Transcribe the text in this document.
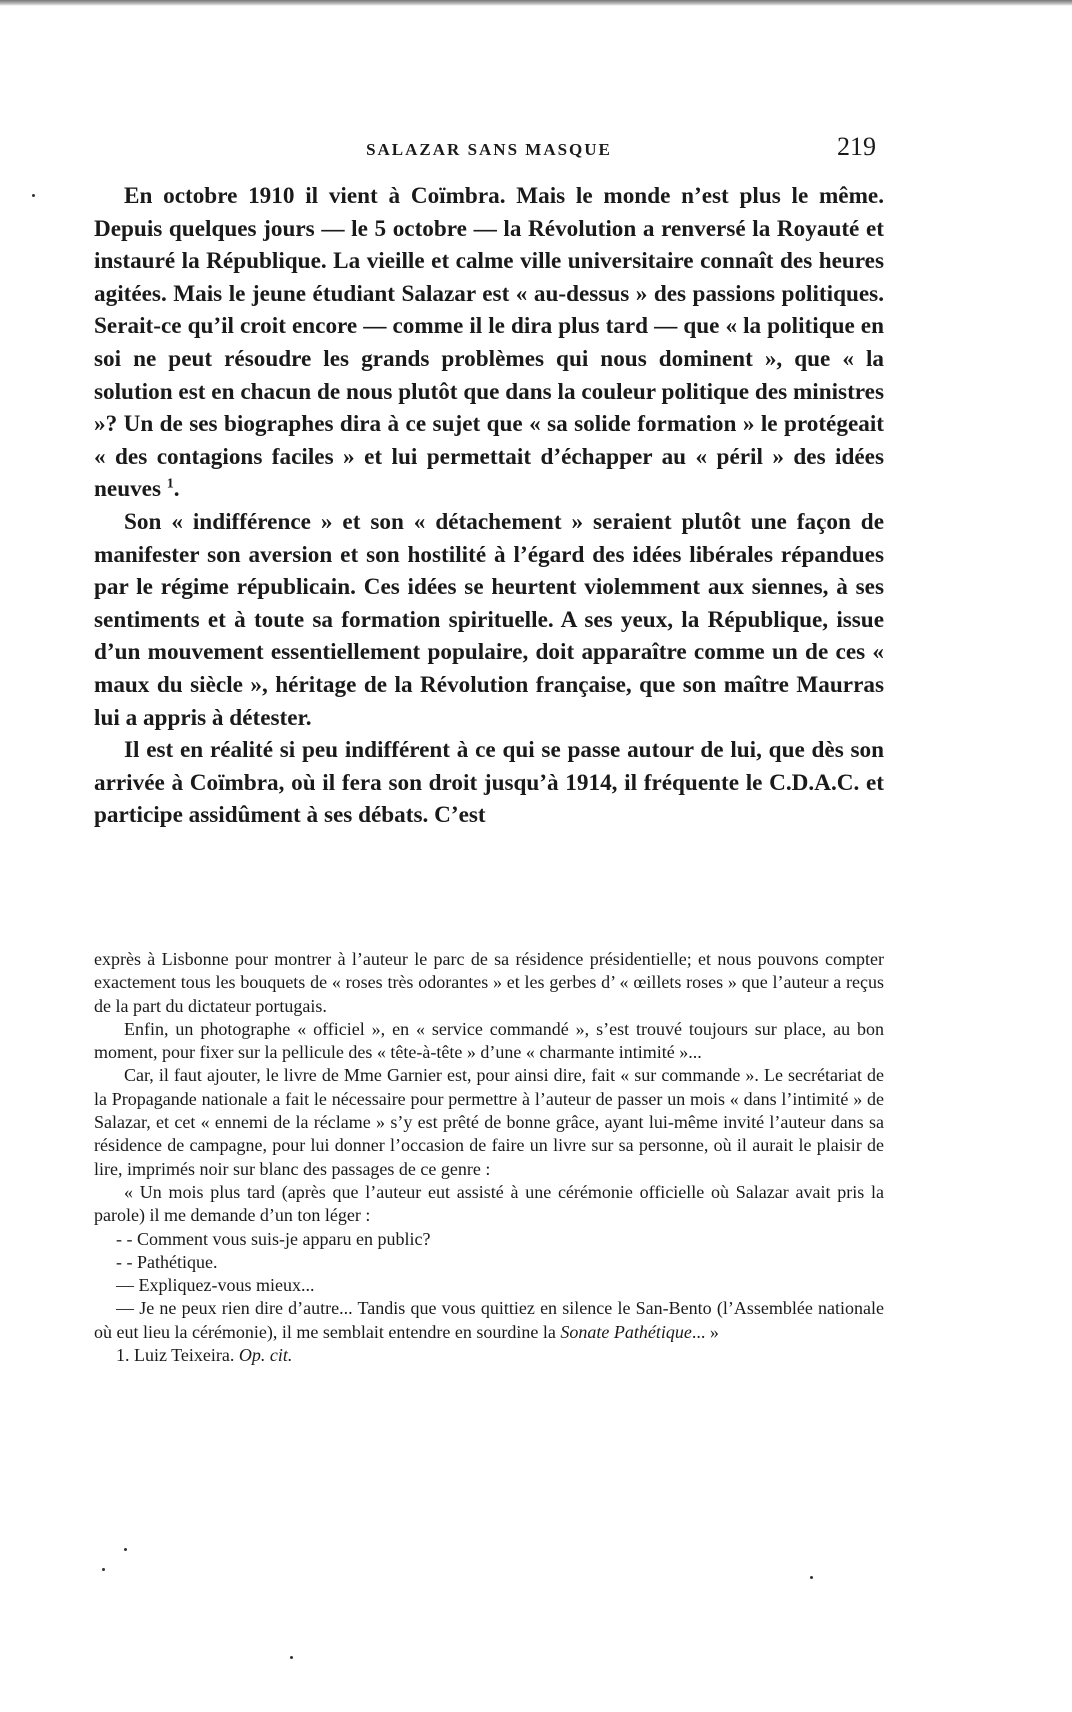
SALAZAR SANS MASQUE	219

En octobre 1910 il vient à Coïmbra. Mais le monde n’est plus le même. Depuis quelques jours — le 5 octobre — la Révolution a renversé la Royauté et instauré la République. La vieille et calme ville universitaire connaît des heures agitées. Mais le jeune étudiant Salazar est « au-dessus » des passions politiques. Serait-ce qu’il croit encore — comme il le dira plus tard — que « la politique en soi ne peut résoudre les grands problèmes qui nous dominent », que « la solution est en chacun de nous plutôt que dans la couleur politique des ministres »? Un de ses biographes dira à ce sujet que « sa solide formation » le protégeait « des contagions faciles » et lui permettait d’échapper au « péril » des idées neuves $^1$.

Son « indifférence » et son « détachement » seraient plutôt une façon de manifester son aversion et son hostilité à l’égard des idées libérales répandues par le régime républicain. Ces idées se heurtent violemment aux siennes, à ses sentiments et à toute sa formation spirituelle. A ses yeux, la République, issue d’un mouvement essentiellement populaire, doit apparaître comme un de ces « maux du siècle », héritage de la Révolution française, que son maître Maurras lui a appris à détester.

Il est en réalité si peu indifférent à ce qui se passe autour de lui, que dès son arrivée à Coïmbra, où il fera son droit jusqu’à 1914, il fréquente le C.D.A.C. et participe assidûment à ses débats. C’est

exprès à Lisbonne pour montrer à l’auteur le parc de sa résidence présidentielle; et nous pouvons compter exactement tous les bouquets de « roses très odorantes » et les gerbes d’ « œillets roses » que l’auteur a reçus de la part du dictateur portugais.

Enfin, un photographe « officiel », en « service commandé », s’est trouvé toujours sur place, au bon moment, pour fixer sur la pellicule des « tête-à-tête » d’une « charmante intimité »...

Car, il faut ajouter, le livre de Mme Garnier est, pour ainsi dire, fait « sur commande ». Le secrétariat de la Propagande nationale a fait le nécessaire pour permettre à l’auteur de passer un mois « dans l’intimité » de Salazar, et cet « ennemi de la réclame » s’y est prêté de bonne grâce, ayant lui-même invité l’auteur dans sa résidence de campagne, pour lui donner l’occasion de faire un livre sur sa personne, où il aurait le plaisir de lire, imprimés noir sur blanc des passages de ce genre :

« Un mois plus tard (après que l’auteur eut assisté à une cérémonie officielle où Salazar avait pris la parole) il me demande d’un ton léger :

- - Comment vous suis-je apparu en public?

- - Pathétique.

— Expliquez-vous mieux...

— Je ne peux rien dire d’autre... Tandis que vous quittiez en silence le San-Bento (l’Assemblée nationale où eut lieu la cérémonie), il me semblait entendre en sourdine la Sonate Pathétique... »

1. Luiz Teixeira. Op. cit.
